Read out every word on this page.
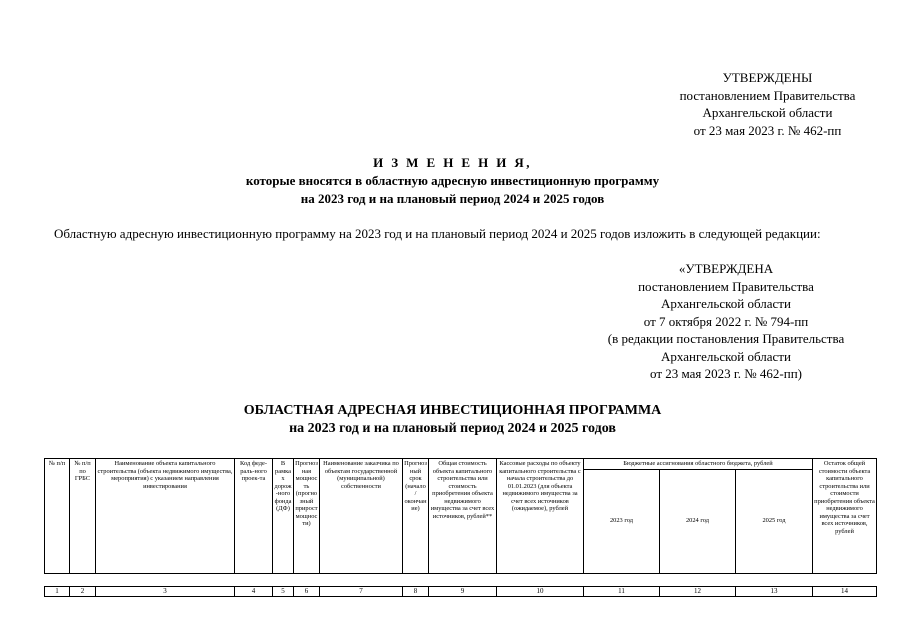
УТВЕРЖДЕНЫ
постановлением Правительства
Архангельской области
от 23 мая 2023 г. № 462-пп
И З М Е Н Е Н И Я,
которые вносятся в областную адресную инвестиционную программу
на 2023 год и на плановый период 2024 и 2025 годов
Областную адресную инвестиционную программу на 2023 год и на плановый период 2024 и 2025 годов изложить в следующей редакции:
«УТВЕРЖДЕНА
постановлением Правительства
Архангельской области
от 7 октября 2022 г. № 794-пп
(в редакции постановления Правительства
Архангельской области
от 23 мая 2023 г. № 462-пп)
ОБЛАСТНАЯ АДРЕСНАЯ ИНВЕСТИЦИОННАЯ ПРОГРАММА
на 2023 год и на плановый период 2024 и 2025 годов
№ п/п	№ п/п по ГРБС	Наименование объекта капитального строительства (объекта недвижимого имущества, мероприятия) с указанием направления инвестирования	Код феде-раль-ного проек-та	В рамках дорож-ного фонда (ДФ)	Прогнозная мощность (прогнозный прирост мощности)	Наименование заказчика по объектам государственной (муниципальной) собственности	Прогнозный срок (начало / окончание)	Общая стоимость объекта капитального строительства или стоимость приобретения объекта недвижимого имущества за счет всех источников, рублей**	Кассовые расходы по объекту капитального строительства с начала строительства до 01.01.2023 (для объекта недвижимого имущества за счет всех источников (ожидаемое), рублей	Бюджетные ассигнования областного бюджета, рублей			Остаток общей стоимости объекта капитального строительства или стоимости приобретения объекта недвижимого имущества за счет всех источников, рублей
										2023 год	2024 год	2025 год	

1	2	3	4	5	6	7	8	9	10	11	12	13	14
